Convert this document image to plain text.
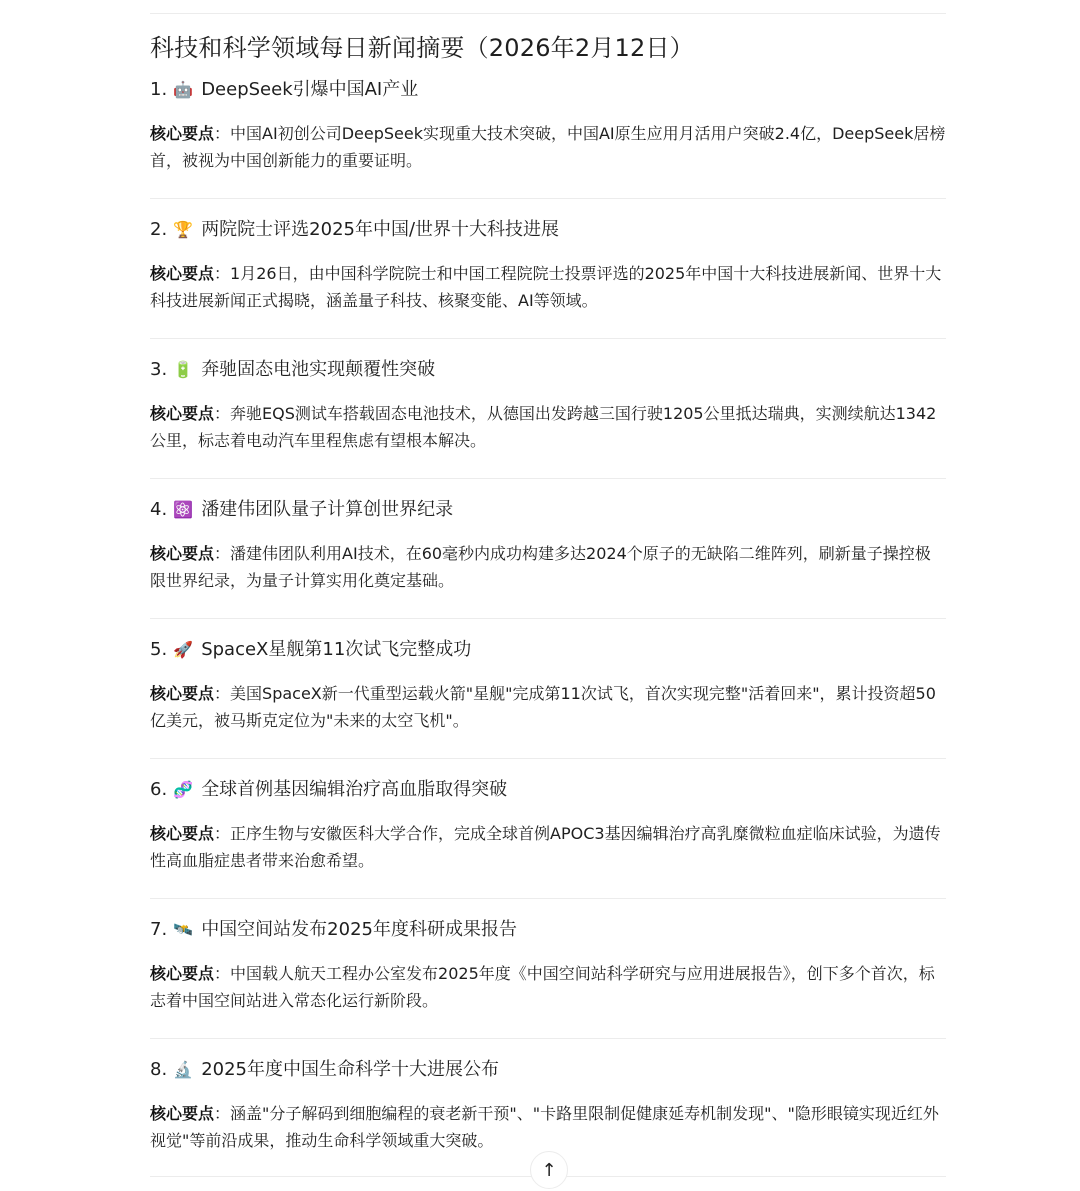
科技和科学领域每日新闻摘要（2026年2月12日）
1. 🤖 DeepSeek引爆中国AI产业

核心要点：中国AI初创公司DeepSeek实现重大技术突破，中国AI原生应用月活用户突破2.4亿，DeepSeek居榜首，被视为中国创新能力的重要证明。

2. 🏆 两院院士评选2025年中国/世界十大科技进展

核心要点：1月26日，由中国科学院院士和中国工程院院士投票评选的2025年中国十大科技进展新闻、世界十大科技进展新闻正式揭晓，涵盖量子科技、核聚变能、AI等领域。

3. 🔋 奔驰固态电池实现颠覆性突破

核心要点：奔驰EQS测试车搭载固态电池技术，从德国出发跨越三国行驶1205公里抵达瑞典，实测续航达1342公里，标志着电动汽车里程焦虑有望根本解决。

4. ⚛️ 潘建伟团队量子计算创世界纪录

核心要点：潘建伟团队利用AI技术，在60毫秒内成功构建多达2024个原子的无缺陷二维阵列，刷新量子操控极限世界纪录，为量子计算实用化奠定基础。

5. 🚀 SpaceX星舰第11次试飞完整成功

核心要点：美国SpaceX新一代重型运载火箭"星舰"完成第11次试飞，首次实现完整"活着回来"，累计投资超50亿美元，被马斯克定位为"未来的太空飞机"。

6. 🧬 全球首例基因编辑治疗高血脂取得突破

核心要点：正序生物与安徽医科大学合作，完成全球首例APOC3基因编辑治疗高乳糜微粒血症临床试验，为遗传性高血脂症患者带来治愈希望。

7. 🛰️ 中国空间站发布2025年度科研成果报告

核心要点：中国载人航天工程办公室发布2025年度《中国空间站科学研究与应用进展报告》，创下多个首次，标志着中国空间站进入常态化运行新阶段。

8. 🔬 2025年度中国生命科学十大进展公布

核心要点：涵盖"分子解码到细胞编程的衰老新干预"、"卡路里限制促健康延寿机制发现"、"隐形眼镜实现近红外视觉"等前沿成果，推动生命科学领域重大突破。

↑
